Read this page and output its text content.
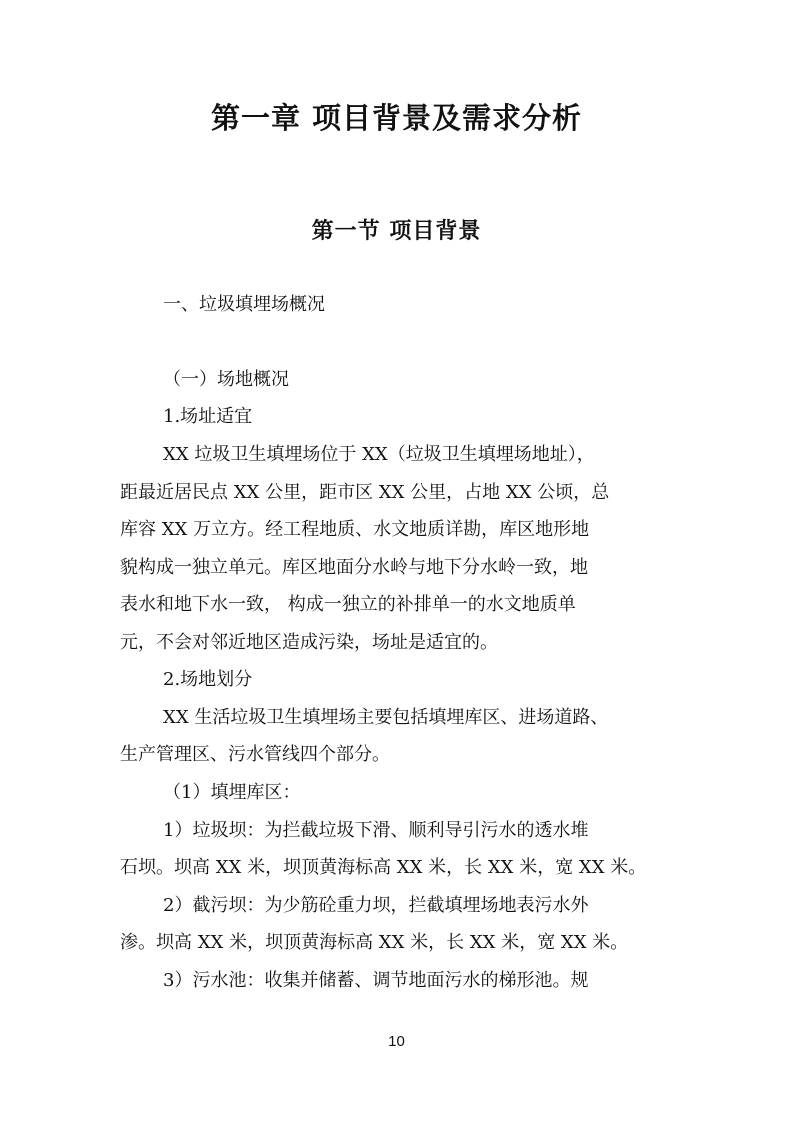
第一章 项目背景及需求分析
第一节 项目背景
一、垃圾填埋场概况
（一）场地概况
1.场址适宜
XX 垃圾卫生填埋场位于 XX（垃圾卫生填埋场地址），
距最近居民点 XX 公里，距市区 XX 公里，占地 XX 公顷，总
库容 XX 万立方。经工程地质、水文地质详勘，库区地形地
貌构成一独立单元。库区地面分水岭与地下分水岭一致，地
表水和地下水一致， 构成一独立的补排单一的水文地质单
元，不会对邻近地区造成污染，场址是适宜的。
2.场地划分
XX 生活垃圾卫生填埋场主要包括填埋库区、进场道路、
生产管理区、污水管线四个部分。
（1）填埋库区：
1）垃圾坝：为拦截垃圾下滑、顺利导引污水的透水堆
石坝。坝高 XX 米，坝顶黄海标高 XX 米，长 XX 米，宽 XX 米。
2）截污坝：为少筋砼重力坝，拦截填埋场地表污水外
渗。坝高 XX 米，坝顶黄海标高 XX 米，长 XX 米，宽 XX 米。
3）污水池：收集并储蓄、调节地面污水的梯形池。规
10
